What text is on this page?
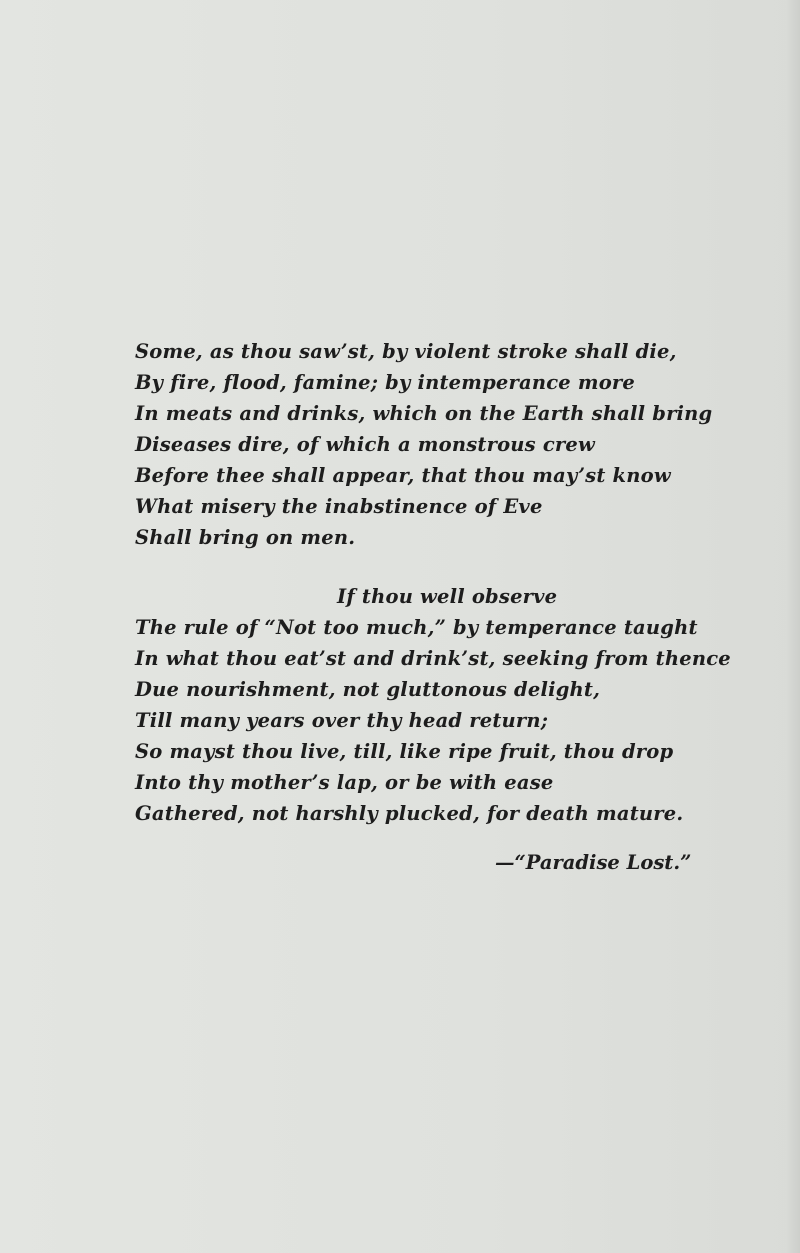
Some, as thou saw’st, by violent stroke shall die,
By fire, flood, famine; by intemperance more
In meats and drinks, which on the Earth shall bring
Diseases dire, of which a monstrous crew
Before thee shall appear, that thou may’st know
What misery the inabstinence of Eve
Shall bring on men.
If thou well observe
The rule of “Not too much,” by temperance taught
In what thou eat’st and drink’st, seeking from thence
Due nourishment, not gluttonous delight,
Till many years over thy head return;
So mayst thou live, till, like ripe fruit, thou drop
Into thy mother’s lap, or be with ease
Gathered, not harshly plucked, for death mature.
—“Paradise Lost.”
